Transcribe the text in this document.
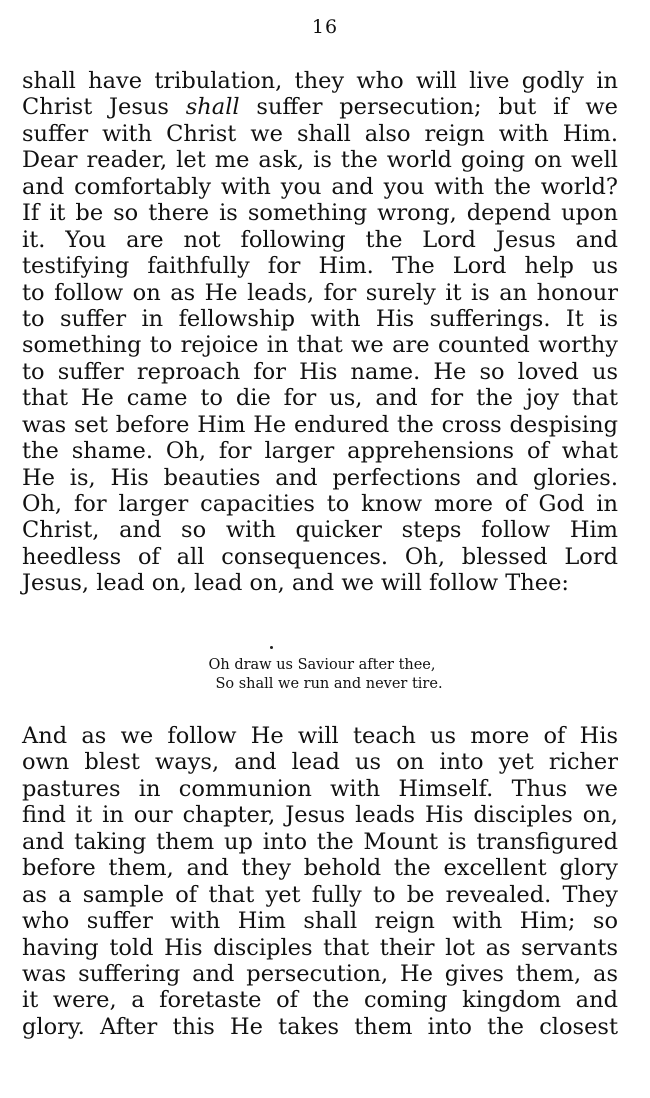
16
shall have tribulation, they who will live godly in
Christ Jesus shall suffer persecution; but if we
suffer with Christ we shall also reign with Him.
Dear reader, let me ask, is the world going on well
and comfortably with you and you with the world?
If it be so there is something wrong, depend upon
it. You are not following the Lord Jesus and
testifying faithfully for Him. The Lord help us
to follow on as He leads, for surely it is an honour
to suffer in fellowship with His sufferings. It is
something to rejoice in that we are counted worthy
to suffer reproach for His name. He so loved us
that He came to die for us, and for the joy that
was set before Him He endured the cross despising
the shame. Oh, for larger apprehensions of what
He is, His beauties and perfections and glories.
Oh, for larger capacities to know more of God in
Christ, and so with quicker steps follow Him
heedless of all consequences. Oh, blessed Lord
Jesus, lead on, lead on, and we will follow Thee:
Oh draw us Saviour after thee,
So shall we run and never tire.
And as we follow He will teach us more of His
own blest ways, and lead us on into yet richer
pastures in communion with Himself. Thus we
find it in our chapter, Jesus leads His disciples on,
and taking them up into the Mount is transfigured
before them, and they behold the excellent glory
as a sample of that yet fully to be revealed. They
who suffer with Him shall reign with Him; so
having told His disciples that their lot as servants
was suffering and persecution, He gives them, as
it were, a foretaste of the coming kingdom and
glory. After this He takes them into the closest
